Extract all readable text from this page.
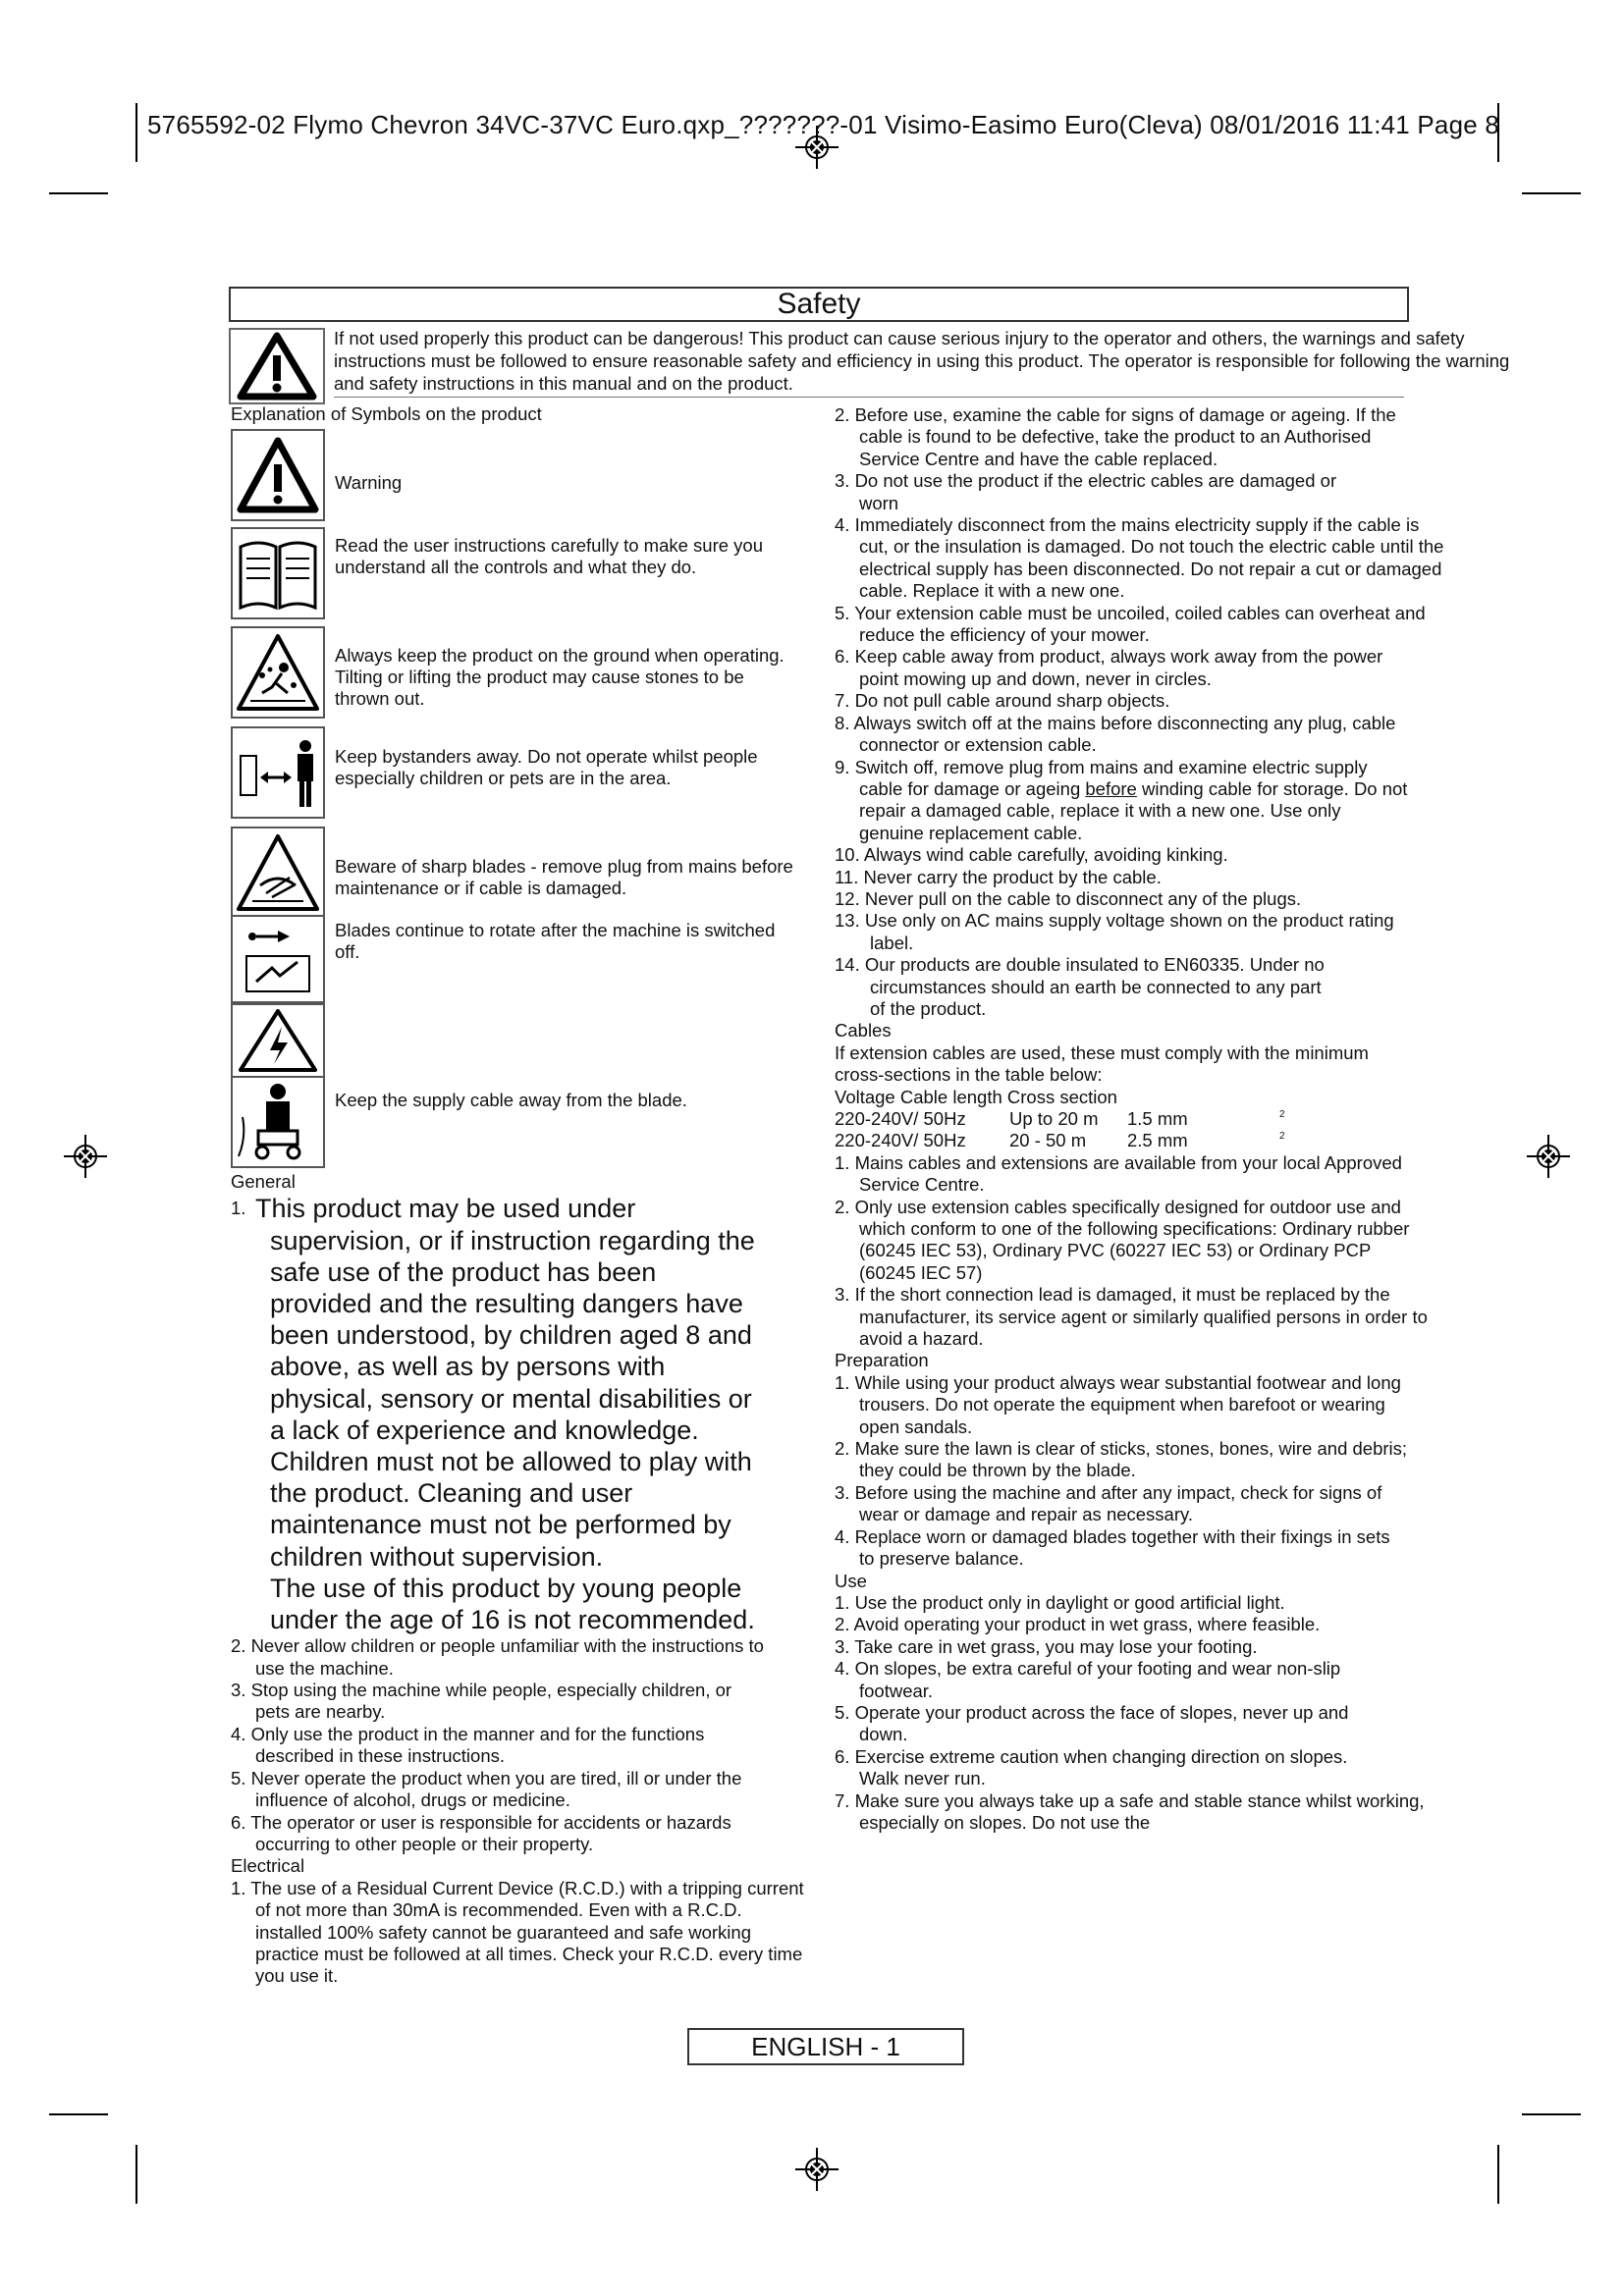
5765592-02 Flymo Chevron 34VC-37VC Euro.qxp_???????-01 Visimo-Easimo Euro(Cleva) 08/01/2016 11:41 Page 8
Safety
If not used properly this product can be dangerous! This product can cause serious injury to the operator and others, the warnings and safety instructions must be followed to ensure reasonable safety and efficiency in using this product. The operator is responsible for following the warning and safety instructions in this manual and on the product.
Explanation of Symbols on the product
Warning
Read the user instructions carefully to make sure you understand all the controls and what they do.
Always keep the product on the ground when operating. Tilting or lifting the product may cause stones to be thrown out.
Keep bystanders away. Do not operate whilst people especially children or pets are in the area.
Beware of sharp blades - remove plug from mains before maintenance or if cable is damaged.
Blades continue to rotate after the machine is switched off.
Keep the supply cable away from the blade.

General

1. This product may be used under
supervision, or if instruction regarding the
safe use of the product has been
provided and the resulting dangers have
been understood, by children aged 8 and
above, as well as by persons with
physical, sensory or mental disabilities or
a lack of experience and knowledge.
Children must not be allowed to play with
the product. Cleaning and user
maintenance must not be performed by
children without supervision.
The use of this product by young people
under the age of 16 is not recommended.

2. Never allow children or people unfamiliar with the instructions to use the machine.

3. Stop using the machine while people, especially children, or pets are nearby.

4. Only use the product in the manner and for the functions described in these instructions.

5. Never operate the product when you are tired, ill or under the influence of alcohol, drugs or medicine.

6. The operator or user is responsible for accidents or hazards occurring to other people or their property.

Electrical

1. The use of a Residual Current Device (R.C.D.) with a tripping current of not more than 30mA is recommended. Even with a R.C.D. installed 100% safety cannot be guaranteed and safe working practice must be followed at all times. Check your R.C.D. every time you use it.

2. Before use, examine the cable for signs of damage or ageing. If the cable is found to be defective, take the product to an Authorised Service Centre and have the cable replaced.

3. Do not use the product if the electric cables are damaged or worn

4. Immediately disconnect from the mains electricity supply if the cable is cut, or the insulation is damaged. Do not touch the electric cable until the electrical supply has been disconnected. Do not repair a cut or damaged cable. Replace it with a new one.

5. Your extension cable must be uncoiled, coiled cables can overheat and reduce the efficiency of your mower.

6. Keep cable away from product, always work away from the power point mowing up and down, never in circles.

7. Do not pull cable around sharp objects.

8. Always switch off at the mains before disconnecting any plug, cable connector or extension cable.

9. Switch off, remove plug from mains and examine electric supply cable for damage or ageing before winding cable for storage. Do not repair a damaged cable, replace it with a new one. Use only genuine replacement cable.

10. Always wind cable carefully, avoiding kinking.

11. Never carry the product by the cable.

12. Never pull on the cable to disconnect any of the plugs.

13. Use only on AC mains supply voltage shown on the product rating label.

14. Our products are double insulated to EN60335. Under no circumstances should an earth be connected to any part of the product.

Cables

If extension cables are used, these must comply with the minimum cross-sections in the table below:

Voltage Cable length Cross section
220-240V/ 50Hz Up to 20 m 1.5 mm	2
220-240V/ 50Hz 20 - 50 m 2.5 mm	2

1. Mains cables and extensions are available from your local Approved Service Centre.

2. Only use extension cables specifically designed for outdoor use and which conform to one of the following specifications: Ordinary rubber (60245 IEC 53), Ordinary PVC (60227 IEC 53) or Ordinary PCP (60245 IEC 57)

3. If the short connection lead is damaged, it must be replaced by the manufacturer, its service agent or similarly qualified persons in order to avoid a hazard.

Preparation

1. While using your product always wear substantial footwear and long trousers. Do not operate the equipment when barefoot or wearing open sandals.

2. Make sure the lawn is clear of sticks, stones, bones, wire and debris; they could be thrown by the blade.

3. Before using the machine and after any impact, check for signs of wear or damage and repair as necessary.

4. Replace worn or damaged blades together with their fixings in sets to preserve balance.

Use

1. Use the product only in daylight or good artificial light.

2. Avoid operating your product in wet grass, where feasible.

3. Take care in wet grass, you may lose your footing.

4. On slopes, be extra careful of your footing and wear non-slip footwear.

5. Operate your product across the face of slopes, never up and down.

6. Exercise extreme caution when changing direction on slopes. Walk never run.

7. Make sure you always take up a safe and stable stance whilst working, especially on slopes. Do not use the

ENGLISH - 1
